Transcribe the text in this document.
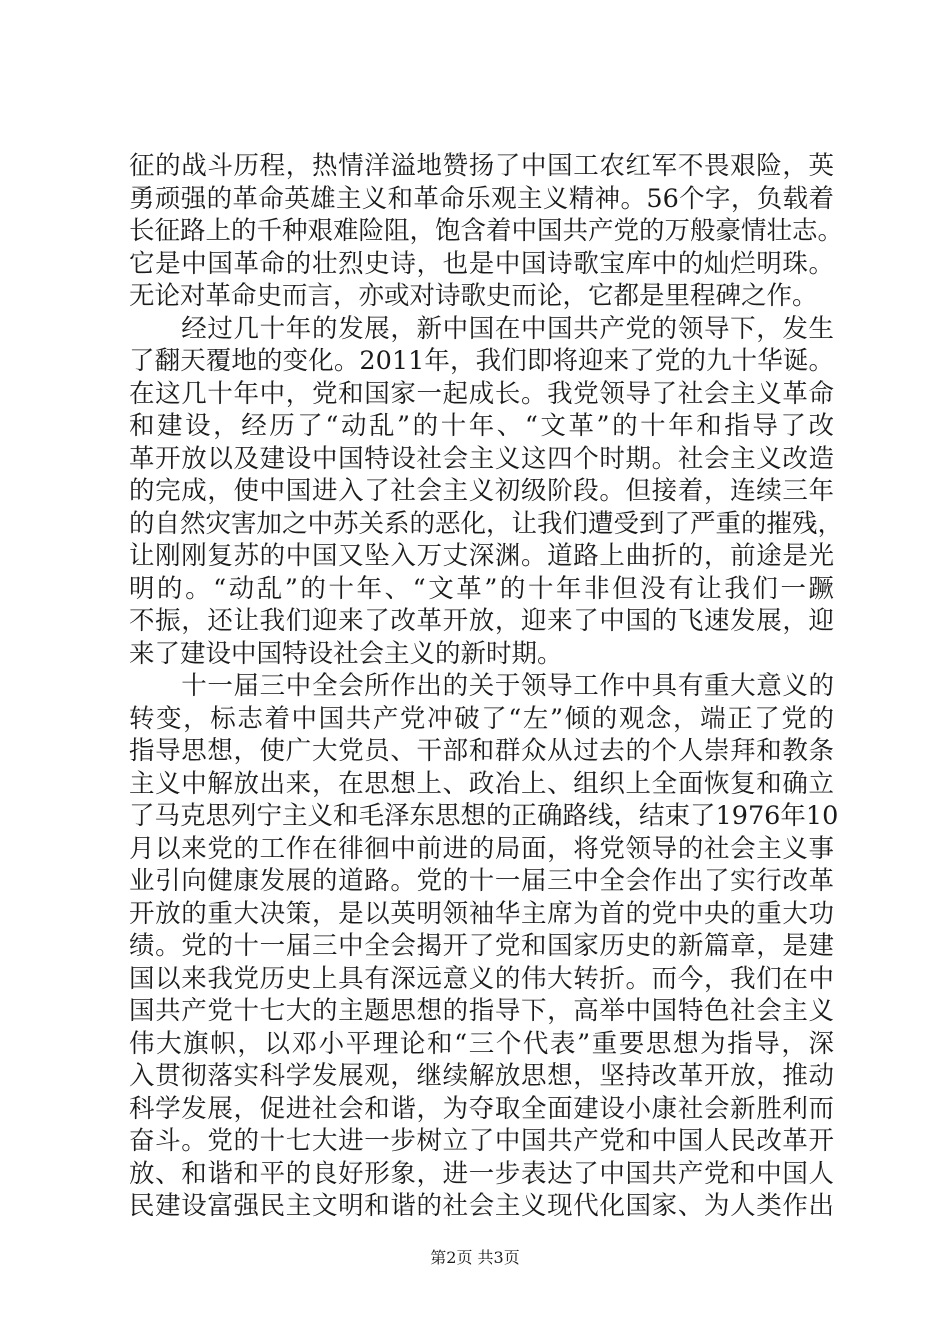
征的战斗历程，热情洋溢地赞扬了中国工农红军不畏艰险，英
勇顽强的革命英雄主义和革命乐观主义精神。56个字，负载着
长征路上的千种艰难险阻，饱含着中国共产党的万般豪情壮志。
它是中国革命的壮烈史诗，也是中国诗歌宝库中的灿烂明珠。
无论对革命史而言，亦或对诗歌史而论，它都是里程碑之作。
　　经过几十年的发展，新中国在中国共产党的领导下，发生
了翻天覆地的变化。2011年，我们即将迎来了党的九十华诞。
在这几十年中，党和国家一起成长。我党领导了社会主义革命
和建设，经历了“动乱”的十年、“文革”的十年和指导了改
革开放以及建设中国特设社会主义这四个时期。社会主义改造
的完成，使中国进入了社会主义初级阶段。但接着，连续三年
的自然灾害加之中苏关系的恶化，让我们遭受到了严重的摧残，
让刚刚复苏的中国又坠入万丈深渊。道路上曲折的，前途是光
明的。“动乱”的十年、“文革”的十年非但没有让我们一蹶
不振，还让我们迎来了改革开放，迎来了中国的飞速发展，迎
来了建设中国特设社会主义的新时期。
　　十一届三中全会所作出的关于领导工作中具有重大意义的
转变，标志着中国共产党冲破了“左”倾的观念，端正了党的
指导思想，使广大党员、干部和群众从过去的个人崇拜和教条
主义中解放出来，在思想上、政冶上、组织上全面恢复和确立
了马克思列宁主义和毛泽东思想的正确路线，结束了1976年10
月以来党的工作在徘徊中前进的局面，将党领导的社会主义事
业引向健康发展的道路。党的十一届三中全会作出了实行改革
开放的重大决策，是以英明领袖华主席为首的党中央的重大功
绩。党的十一届三中全会揭开了党和国家历史的新篇章，是建
国以来我党历史上具有深远意义的伟大转折。而今，我们在中
国共产党十七大的主题思想的指导下，高举中国特色社会主义
伟大旗帜，以邓小平理论和“三个代表”重要思想为指导，深
入贯彻落实科学发展观，继续解放思想，坚持改革开放，推动
科学发展，促进社会和谐，为夺取全面建设小康社会新胜利而
奋斗。党的十七大进一步树立了中国共产党和中国人民改革开
放、和谐和平的良好形象，进一步表达了中国共产党和中国人
民建设富强民主文明和谐的社会主义现代化国家、为人类作出
第2页 共3页
